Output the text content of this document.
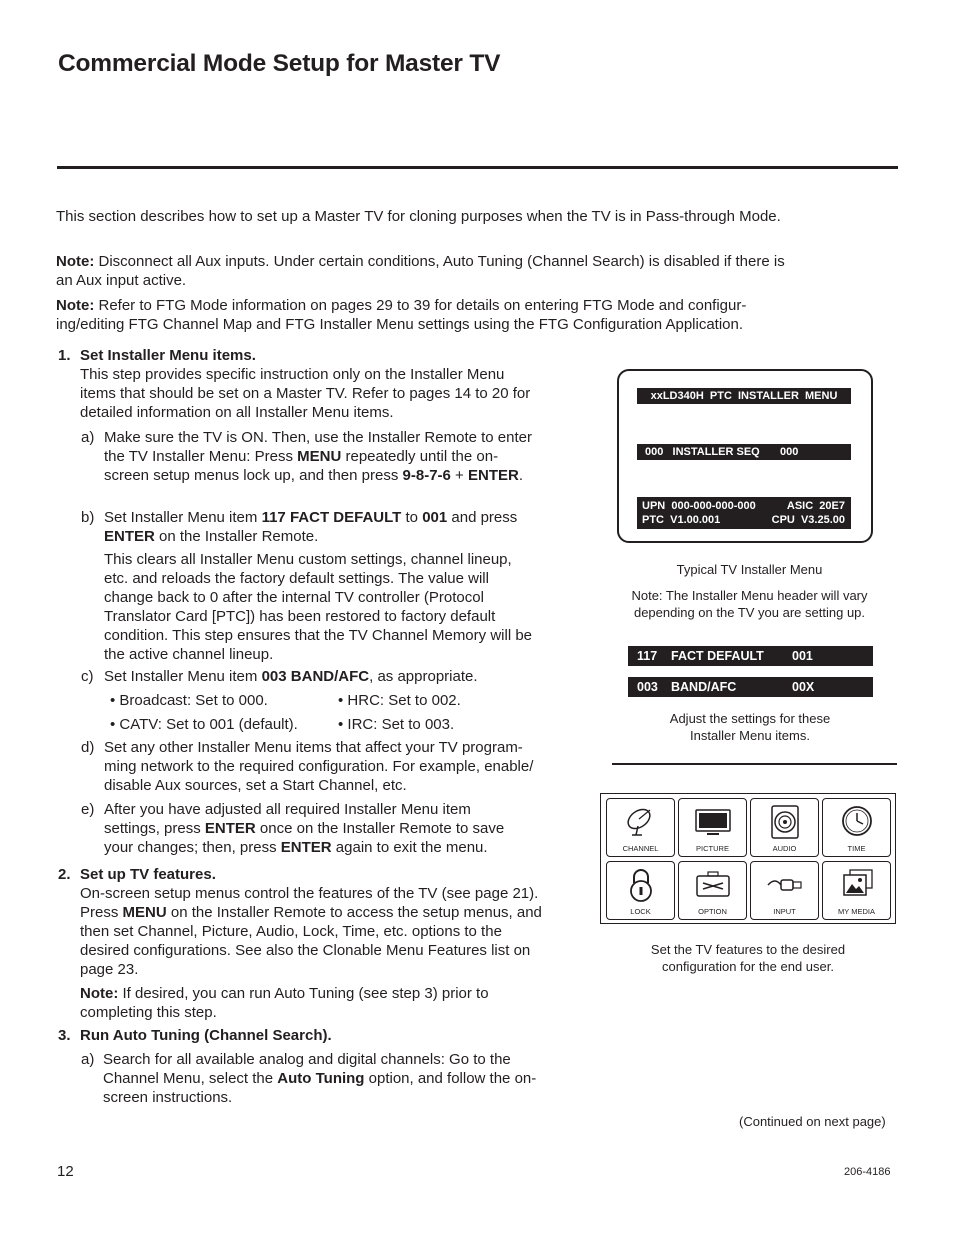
Commercial Mode Setup for Master TV
This section describes how to set up a Master TV for cloning purposes when the TV is in Pass-through Mode.
Note: Disconnect all Aux inputs. Under certain conditions, Auto Tuning (Channel Search) is disabled if there is an Aux input active.
Note: Refer to FTG Mode information on pages 29 to 39 for details on entering FTG Mode and configur-ing/editing FTG Channel Map and FTG Installer Menu settings using the FTG Configuration Application.
1. Set Installer Menu items.
This step provides specific instruction only on the Installer Menu items that should be set on a Master TV. Refer to pages 14 to 20 for detailed information on all Installer Menu items.
a) Make sure the TV is ON. Then, use the Installer Remote to enter the TV Installer Menu: Press MENU repeatedly until the on-screen setup menus lock up, and then press 9-8-7-6 + ENTER.
b) Set Installer Menu item 117 FACT DEFAULT to 001 and press ENTER on the Installer Remote.
This clears all Installer Menu custom settings, channel lineup, etc. and reloads the factory default settings. The value will change back to 0 after the internal TV controller (Protocol Translator Card [PTC]) has been restored to factory default condition. This step ensures that the TV Channel Memory will be the active channel lineup.
c) Set Installer Menu item 003 BAND/AFC, as appropriate.
• Broadcast: Set to 000.	• HRC: Set to 002.
• CATV: Set to 001 (default).	• IRC: Set to 003.
d) Set any other Installer Menu items that affect your TV program-ming network to the required configuration. For example, enable/ disable Aux sources, set a Start Channel, etc.
e) After you have adjusted all required Installer Menu item settings, press ENTER once on the Installer Remote to save your changes; then, press ENTER again to exit the menu.
2. Set up TV features.
On-screen setup menus control the features of the TV (see page 21). Press MENU on the Installer Remote to access the setup menus, and then set Channel, Picture, Audio, Lock, Time, etc. options to the desired configurations. See also the Clonable Menu Features list on page 23.
Note: If desired, you can run Auto Tuning (see step 3) prior to completing this step.
3. Run Auto Tuning (Channel Search).
a) Search for all available analog and digital channels: Go to the Channel Menu, select the Auto Tuning option, and follow the on-screen instructions.
xxLD340H  PTC  INSTALLER  MENU
000   INSTALLER SEQ 000
UPN  000-000-000-000	ASIC  20E7
PTC  V1.00.001	CPU  V3.25.00
Typical TV Installer Menu
Note: The Installer Menu header will vary depending on the TV you are setting up.
117 FACT DEFAULT 001
003 BAND/AFC	00X
Adjust the settings for these Installer Menu items.
CHANNEL	PICTURE	AUDIO	TIME
LOCK	OPTION	INPUT	MY MEDIA
Set the TV features to the desired configuration for the end user.
(Continued on next page)
12	206-4186
